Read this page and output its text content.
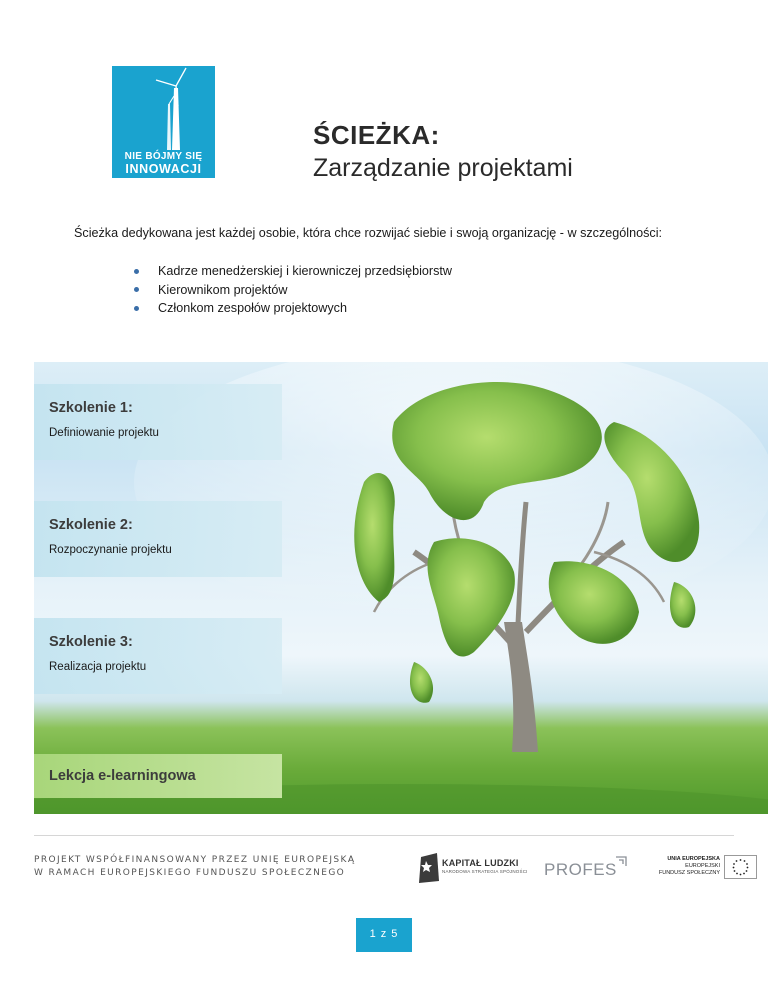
NIE BÓJMY SIĘ
INNOWACJI
ŚCIEŻKA:
Zarządzanie projektami
Ścieżka dedykowana jest każdej osobie, która chce rozwijać siebie i swoją organizację - w szczególności:
Kadrze menedżerskiej i kierowniczej przedsiębiorstw
Kierownikom projektów
Członkom zespołów projektowych
Szkolenie 1:
Definiowanie projektu
Szkolenie 2:
Rozpoczynanie projektu
Szkolenie 3:
Realizacja projektu
Lekcja e-learningowa
PROJEKT WSPÓŁFINANSOWANY PRZEZ UNIĘ EUROPEJSKĄ
W RAMACH EUROPEJSKIEGO FUNDUSZU SPOŁECZNEGO
KAPITAŁ LUDZKI
NARODOWA STRATEGIA SPÓJNOŚCI PROFES
UNIA EUROPEJSKA
EUROPEJSKI
FUNDUSZ SPOŁECZNY
1 z 5
